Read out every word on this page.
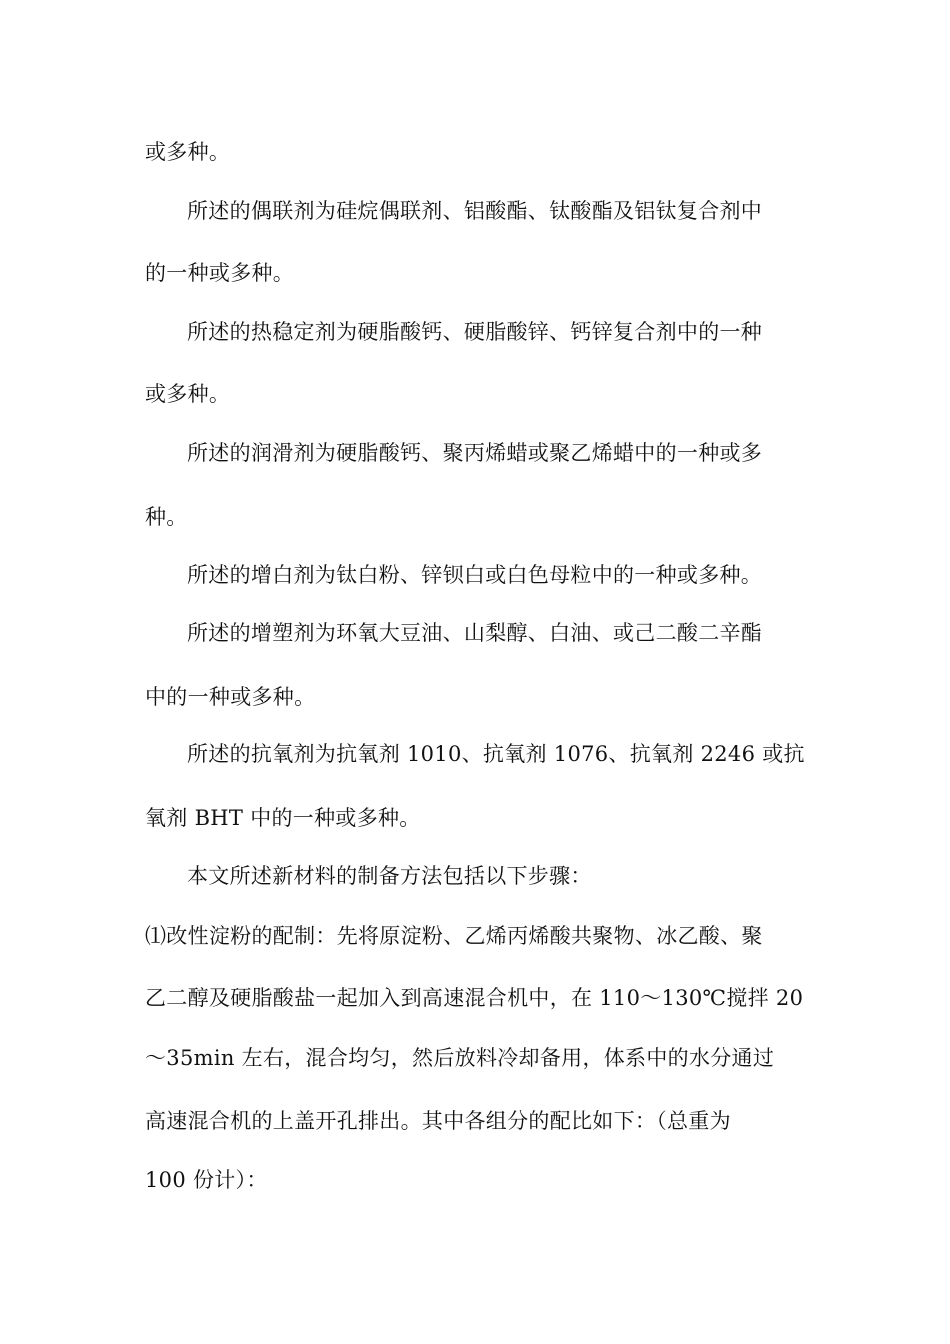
或多种。
所述的偶联剂为硅烷偶联剂、铝酸酯、钛酸酯及铝钛复合剂中
的一种或多种。
所述的热稳定剂为硬脂酸钙、硬脂酸锌、钙锌复合剂中的一种
或多种。
所述的润滑剂为硬脂酸钙、聚丙烯蜡或聚乙烯蜡中的一种或多
种。
所述的增白剂为钛白粉、锌钡白或白色母粒中的一种或多种。
所述的增塑剂为环氧大豆油、山梨醇、白油、或己二酸二辛酯
中的一种或多种。
所述的抗氧剂为抗氧剂 1010、抗氧剂 1076、抗氧剂 2246 或抗
氧剂 BHT 中的一种或多种。
本文所述新材料的制备方法包括以下步骤：
⑴改性淀粉的配制：先将原淀粉、乙烯丙烯酸共聚物、冰乙酸、聚
乙二醇及硬脂酸盐一起加入到高速混合机中，在 110～130℃搅拌 20
～35min 左右，混合均匀，然后放料冷却备用，体系中的水分通过
高速混合机的上盖开孔排出。其中各组分的配比如下：（总重为
100 份计）：
